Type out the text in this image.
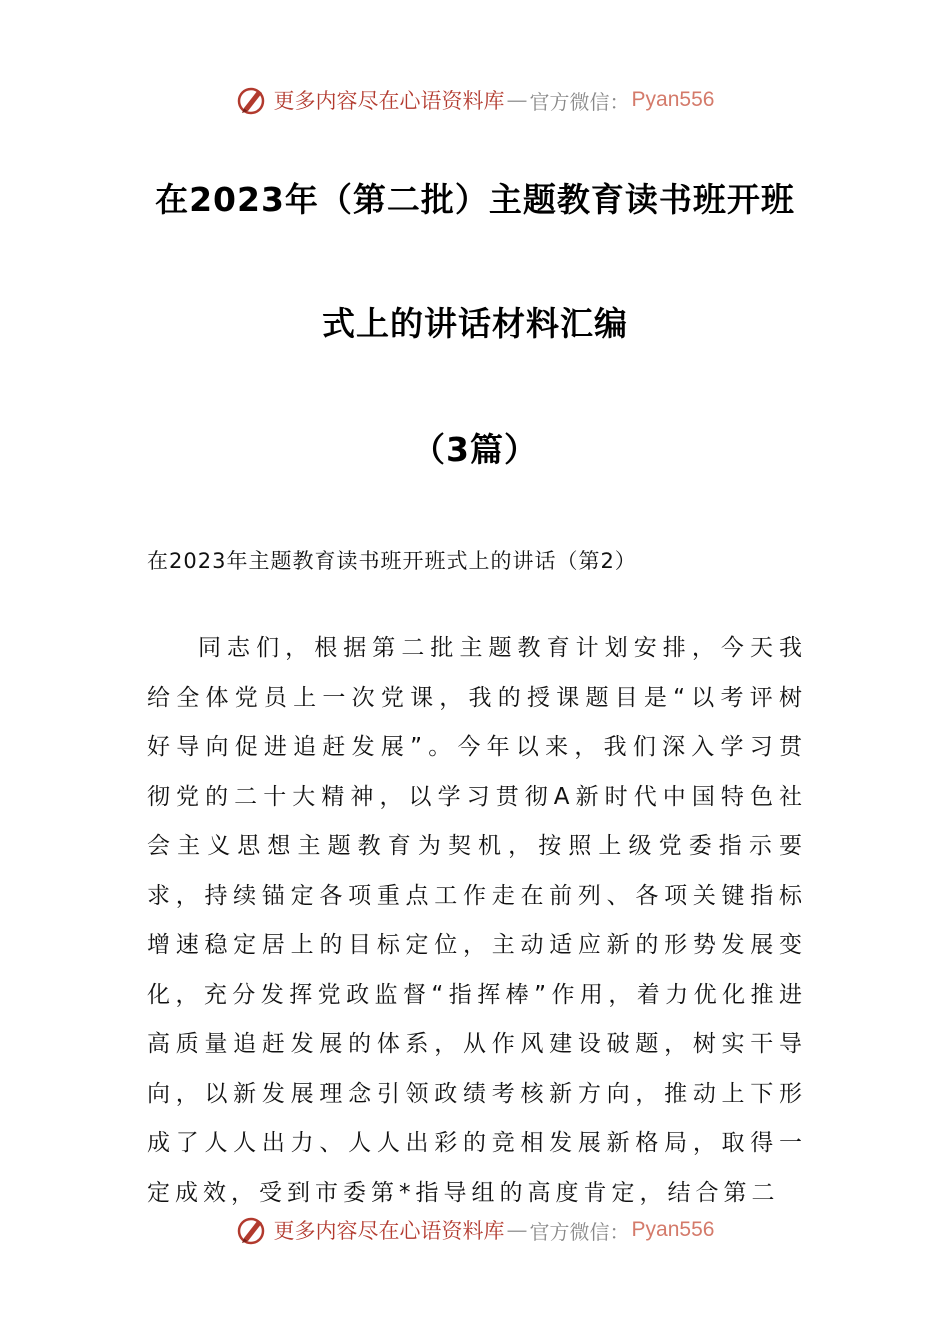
更多内容尽在心语资料库 — 官方微信： Pyan556
在2023年（第二批）主题教育读书班开班
式上的讲话材料汇编
（3篇）
在2023年主题教育读书班开班式上的讲话（第2）

同志们，根据第二批主题教育计划安排，今天我给全体党员上一次党课，我的授课题目是“以考评树好导向促进追赶发展”。今年以来，我们深入学习贯彻党的二十大精神，以学习贯彻A新时代中国特色社会主义思想主题教育为契机，按照上级党委指示要求，持续锚定各项重点工作走在前列、各项关键指标增速稳定居上的目标定位，主动适应新的形势发展变化，充分发挥党政监督“指挥棒”作用，着力优化推进高质量追赶发展的体系，从作风建设破题，树实干导向，以新发展理念引领政绩考核新方向，推动上下形成了人人出力、人人出彩的竞相发展新格局，取得一定成效，受到市委第*指导组的高度肯定，结合第二

更多内容尽在心语资料库 — 官方微信： Pyan556
